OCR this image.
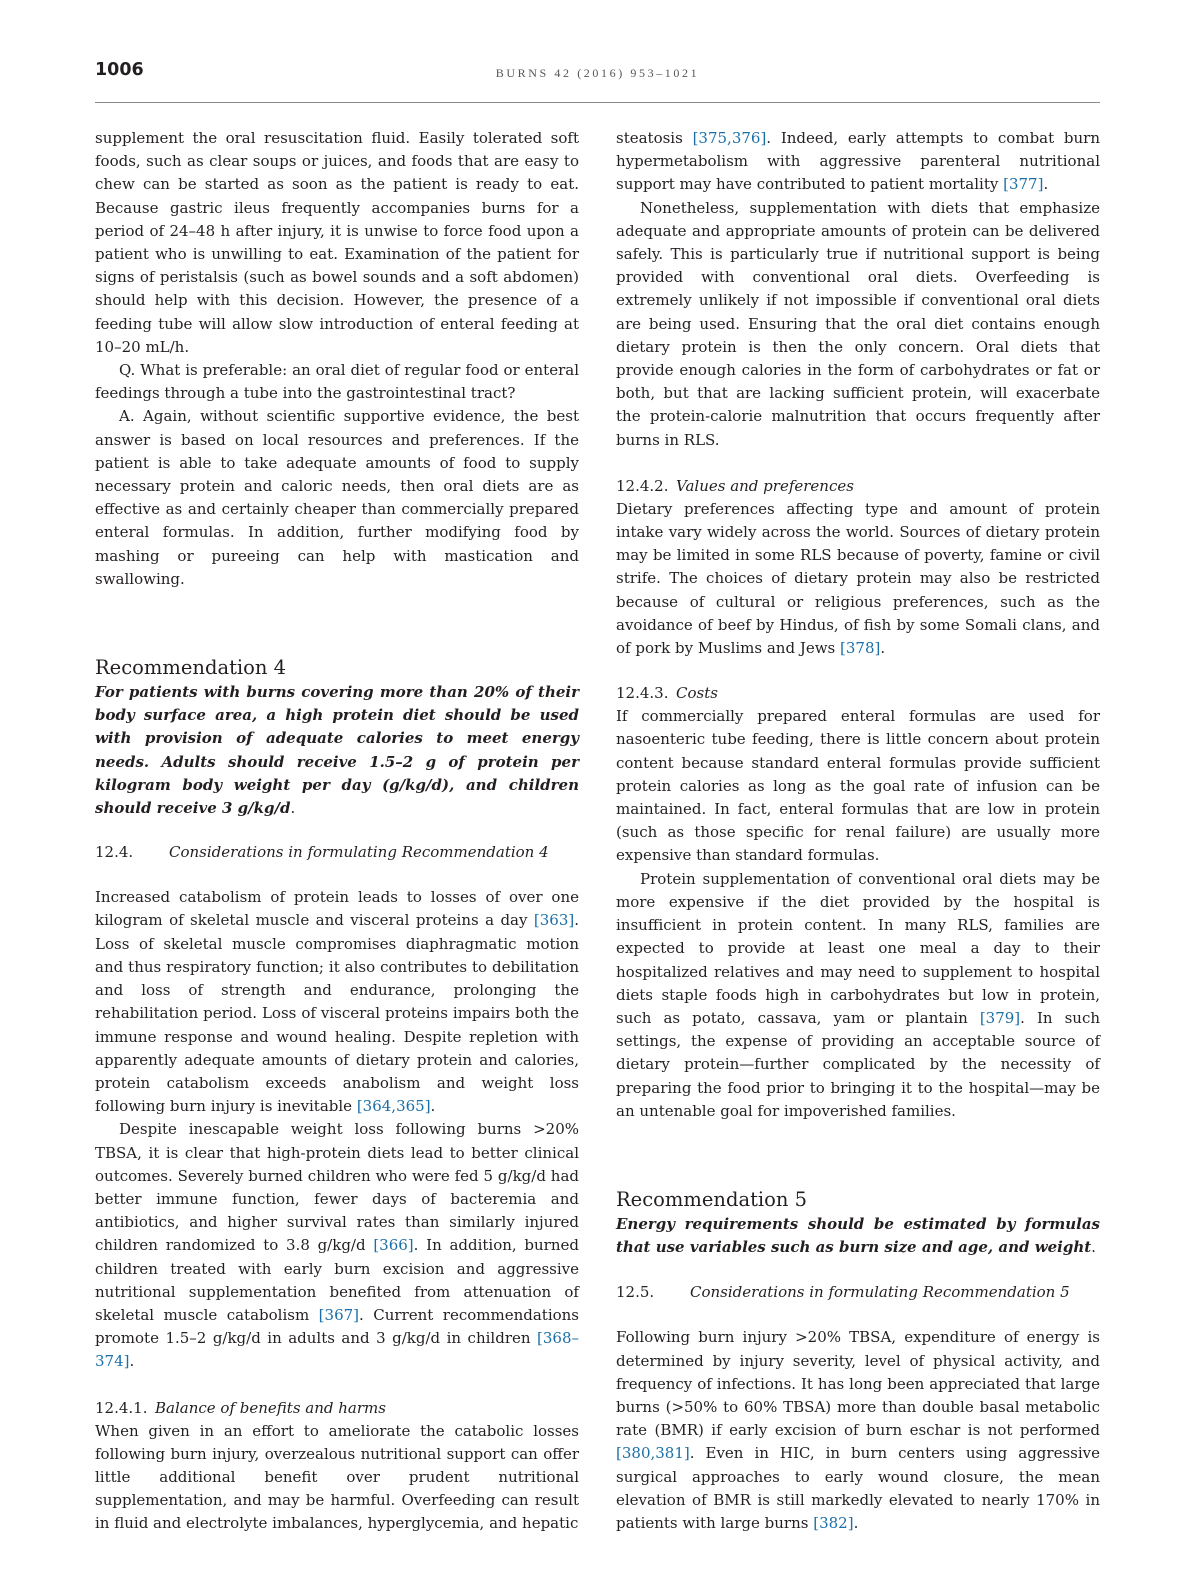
1006	BURNS 42 (2016) 953–1021

supplement the oral resuscitation fluid. Easily tolerated soft foods, such as clear soups or juices, and foods that are easy to chew can be started as soon as the patient is ready to eat. Because gastric ileus frequently accompanies burns for a period of 24–48 h after injury, it is unwise to force food upon a patient who is unwilling to eat. Examination of the patient for signs of peristalsis (such as bowel sounds and a soft abdomen) should help with this decision. However, the presence of a feeding tube will allow slow introduction of enteral feeding at 10–20 mL/h.

Q. What is preferable: an oral diet of regular food or enteral feedings through a tube into the gastrointestinal tract?

A. Again, without scientific supportive evidence, the best answer is based on local resources and preferences. If the patient is able to take adequate amounts of food to supply necessary protein and caloric needs, then oral diets are as effective as and certainly cheaper than commercially prepared enteral formulas. In addition, further modifying food by mashing or pureeing can help with mastication and swallowing.

Recommendation 4

For patients with burns covering more than 20% of their body surface area, a high protein diet should be used with provision of adequate calories to meet energy needs. Adults should receive 1.5–2 g of protein per kilogram body weight per day (g/kg/d), and children should receive 3 g/kg/d.

12.4. Considerations in formulating Recommendation 4

Increased catabolism of protein leads to losses of over one kilogram of skeletal muscle and visceral proteins a day [363]. Loss of skeletal muscle compromises diaphragmatic motion and thus respiratory function; it also contributes to debilitation and loss of strength and endurance, prolonging the rehabilitation period. Loss of visceral proteins impairs both the immune response and wound healing. Despite repletion with apparently adequate amounts of dietary protein and calories, protein catabolism exceeds anabolism and weight loss following burn injury is inevitable [364,365].

Despite inescapable weight loss following burns >20% TBSA, it is clear that high-protein diets lead to better clinical outcomes. Severely burned children who were fed 5 g/kg/d had better immune function, fewer days of bacteremia and antibiotics, and higher survival rates than similarly injured children randomized to 3.8 g/kg/d [366]. In addition, burned children treated with early burn excision and aggressive nutritional supplementation benefited from attenuation of skeletal muscle catabolism [367]. Current recommendations promote 1.5–2 g/kg/d in adults and 3 g/kg/d in children [368–374].

12.4.1. Balance of benefits and harms

When given in an effort to ameliorate the catabolic losses following burn injury, overzealous nutritional support can offer little additional benefit over prudent nutritional supplementation, and may be harmful. Overfeeding can result in fluid and electrolyte imbalances, hyperglycemia, and hepatic

steatosis [375,376]. Indeed, early attempts to combat burn hypermetabolism with aggressive parenteral nutritional support may have contributed to patient mortality [377].

Nonetheless, supplementation with diets that emphasize adequate and appropriate amounts of protein can be delivered safely. This is particularly true if nutritional support is being provided with conventional oral diets. Overfeeding is extremely unlikely if not impossible if conventional oral diets are being used. Ensuring that the oral diet contains enough dietary protein is then the only concern. Oral diets that provide enough calories in the form of carbohydrates or fat or both, but that are lacking sufficient protein, will exacerbate the protein-calorie malnutrition that occurs frequently after burns in RLS.

12.4.2. Values and preferences

Dietary preferences affecting type and amount of protein intake vary widely across the world. Sources of dietary protein may be limited in some RLS because of poverty, famine or civil strife. The choices of dietary protein may also be restricted because of cultural or religious preferences, such as the avoidance of beef by Hindus, of fish by some Somali clans, and of pork by Muslims and Jews [378].

12.4.3. Costs

If commercially prepared enteral formulas are used for nasoenteric tube feeding, there is little concern about protein content because standard enteral formulas provide sufficient protein calories as long as the goal rate of infusion can be maintained. In fact, enteral formulas that are low in protein (such as those specific for renal failure) are usually more expensive than standard formulas.

Protein supplementation of conventional oral diets may be more expensive if the diet provided by the hospital is insufficient in protein content. In many RLS, families are expected to provide at least one meal a day to their hospitalized relatives and may need to supplement to hospital diets staple foods high in carbohydrates but low in protein, such as potato, cassava, yam or plantain [379]. In such settings, the expense of providing an acceptable source of dietary protein—further complicated by the necessity of preparing the food prior to bringing it to the hospital—may be an untenable goal for impoverished families.

Recommendation 5

Energy requirements should be estimated by formulas that use variables such as burn size and age, and weight.

12.5. Considerations in formulating Recommendation 5

Following burn injury >20% TBSA, expenditure of energy is determined by injury severity, level of physical activity, and frequency of infections. It has long been appreciated that large burns (>50% to 60% TBSA) more than double basal metabolic rate (BMR) if early excision of burn eschar is not performed [380,381]. Even in HIC, in burn centers using aggressive surgical approaches to early wound closure, the mean elevation of BMR is still markedly elevated to nearly 170% in patients with large burns [382].
